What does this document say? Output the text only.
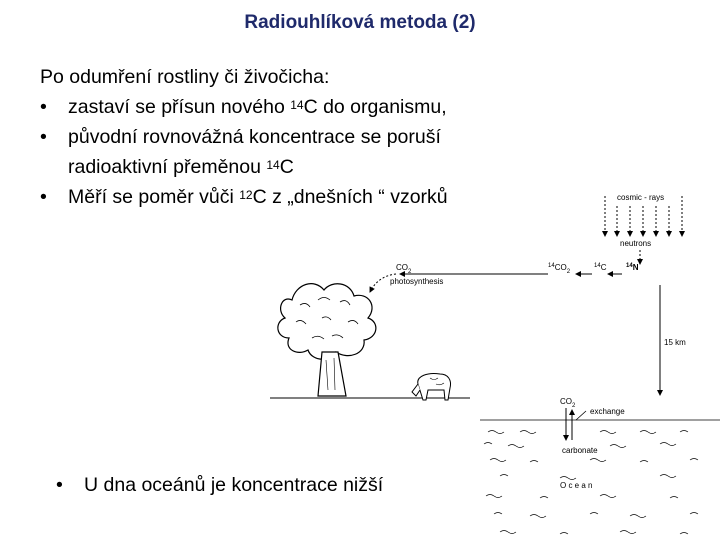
Radiouhlíková metoda (2)
Po odumření rostliny či živočicha:
• zastaví se přísun nového $^{14}$C do organismu,
• původní rovnovážná koncentrace se poruší
radioaktivní přeměnou $^{14}$C
• Měří se poměr vůči $^{12}$C z „dnešních “ vzorků	cosmic - rays
neutrons
$CO_2$
photosynthesis
$^{14}CO_2$
$^{14}$C	$^{14}$N
15 km
$CO_2$
exchange
carbonate
O c e a n
• U dna oceánů je koncentrace nižší
